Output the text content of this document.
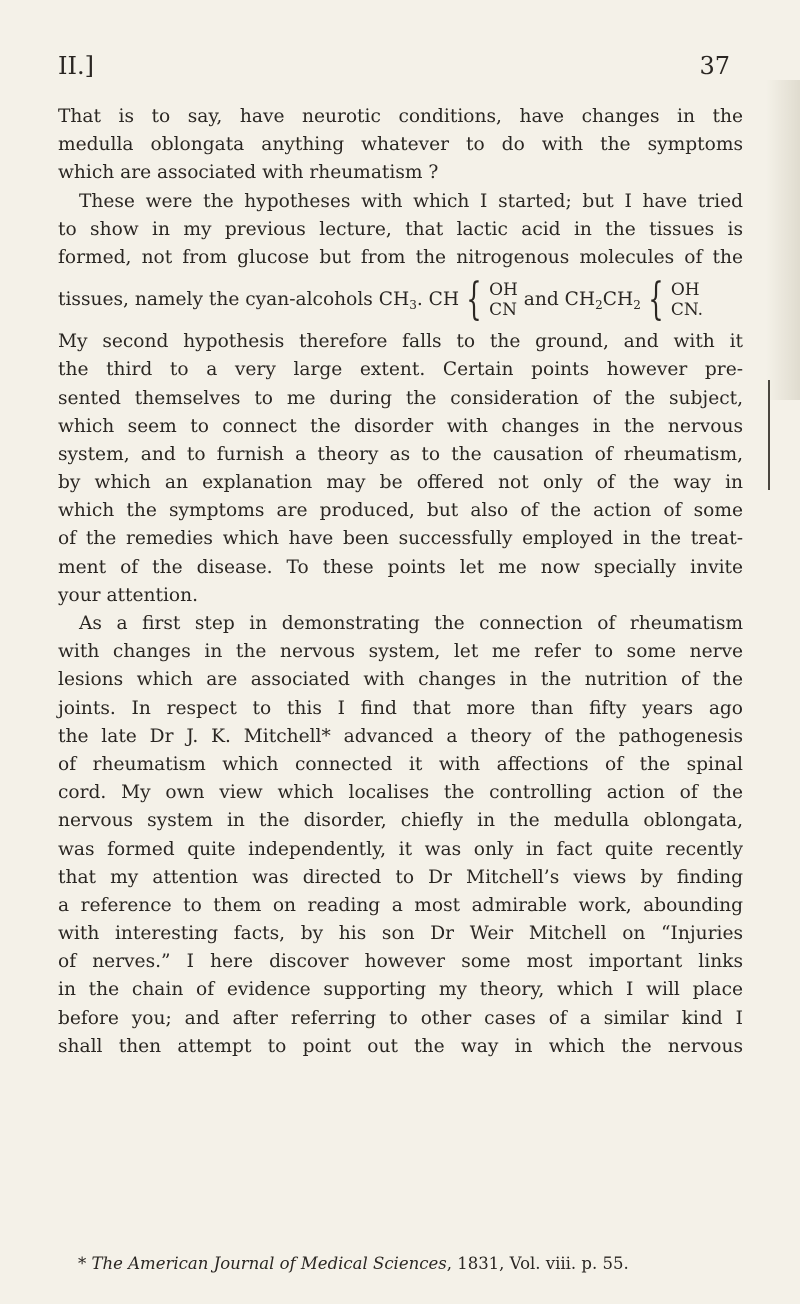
II.]	37
That is to say, have neurotic conditions, have changes in the
medulla oblongata anything whatever to do with the symptoms
which are associated with rheumatism ?
These were the hypotheses with which I started; but I have tried
to show in my previous lecture, that lactic acid in the tissues is
formed, not from glucose but from the nitrogenous molecules of the
tissues, namely the cyan-alcohols $CH_3$. CH { OH
CN and $CH_2CH_2$ { OH
CN.
My second hypothesis therefore falls to the ground, and with it
the third to a very large extent. Certain points however pre-
sented themselves to me during the consideration of the subject,
which seem to connect the disorder with changes in the nervous
system, and to furnish a theory as to the causation of rheumatism,
by which an explanation may be offered not only of the way in
which the symptoms are produced, but also of the action of some
of the remedies which have been successfully employed in the treat-
ment of the disease. To these points let me now specially invite
your attention.
As a first step in demonstrating the connection of rheumatism
with changes in the nervous system, let me refer to some nerve
lesions which are associated with changes in the nutrition of the
joints. In respect to this I find that more than fifty years ago
the late Dr J. K. Mitchell* advanced a theory of the pathogenesis
of rheumatism which connected it with affections of the spinal
cord. My own view which localises the controlling action of the
nervous system in the disorder, chiefly in the medulla oblongata,
was formed quite independently, it was only in fact quite recently
that my attention was directed to Dr Mitchell’s views by finding
a reference to them on reading a most admirable work, abounding
with interesting facts, by his son Dr Weir Mitchell on “Injuries
of nerves.” I here discover however some most important links
in the chain of evidence supporting my theory, which I will place
before you; and after referring to other cases of a similar kind I
shall then attempt to point out the way in which the nervous
* The American Journal of Medical Sciences, 1831, Vol. viii. p. 55.
